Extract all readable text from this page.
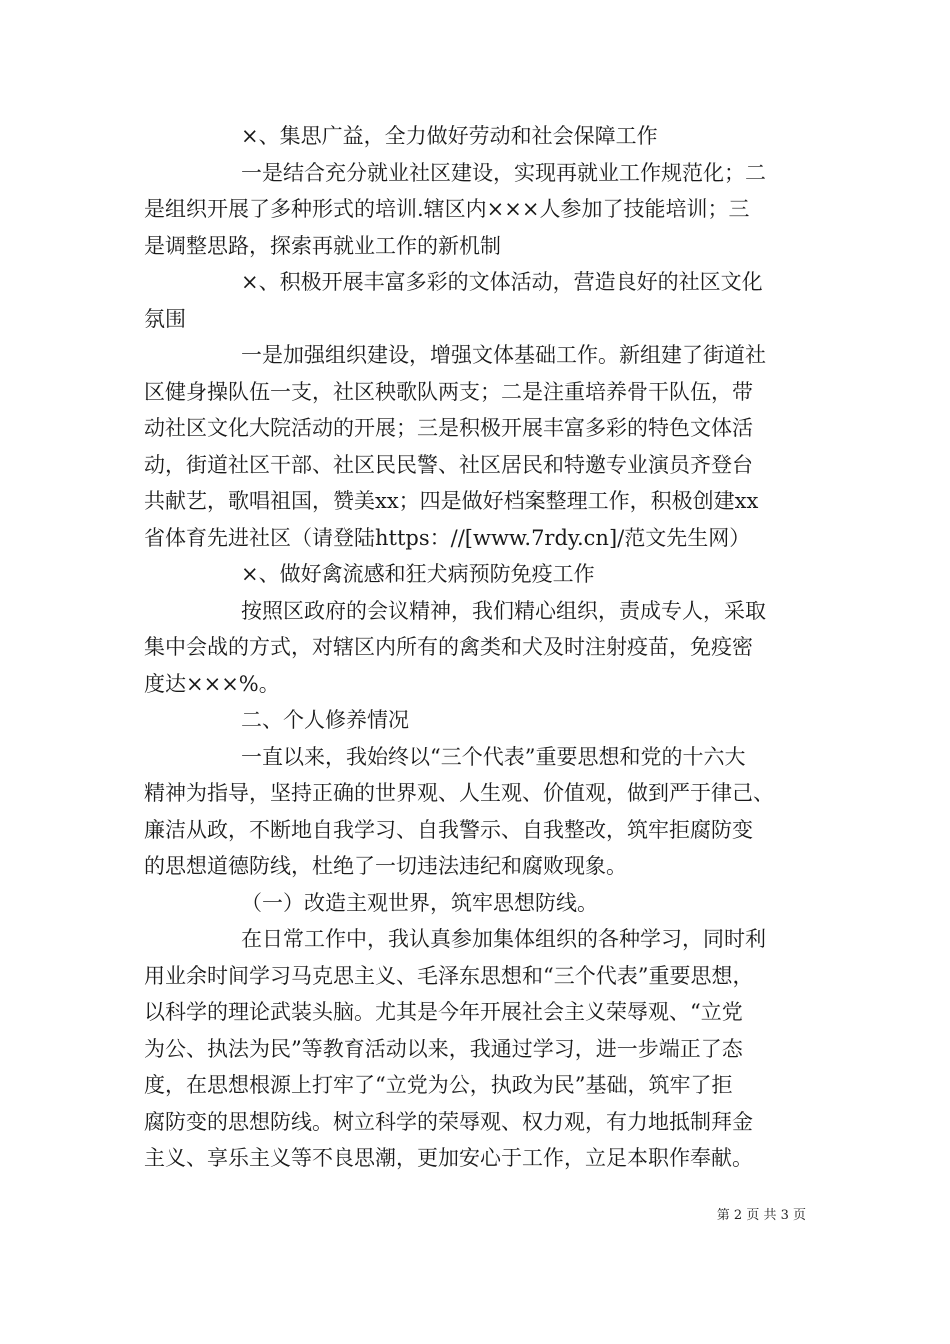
×、集思广益，全力做好劳动和社会保障工作

一是结合充分就业社区建设，实现再就业工作规范化；二

是组织开展了多种形式的培训.辖区内×××人参加了技能培训；三

是调整思路，探索再就业工作的新机制

×、积极开展丰富多彩的文体活动，营造良好的社区文化

氛围

一是加强组织建设，增强文体基础工作。新组建了街道社

区健身操队伍一支，社区秧歌队两支；二是注重培养骨干队伍，带

动社区文化大院活动的开展；三是积极开展丰富多彩的特色文体活

动，街道社区干部、社区民民警、社区居民和特邀专业演员齐登台

共献艺，歌唱祖国，赞美xx；四是做好档案整理工作，积极创建xx

省体育先进社区（请登陆https：//[www.7rdy.cn]/范文先生网）

×、做好禽流感和狂犬病预防免疫工作

按照区政府的会议精神，我们精心组织，责成专人，采取

集中会战的方式，对辖区内所有的禽类和犬及时注射疫苗，免疫密

度达×××%。

二、个人修养情况

一直以来，我始终以“三个代表”重要思想和党的十六大

精神为指导，坚持正确的世界观、人生观、价值观，做到严于律己、

廉洁从政，不断地自我学习、自我警示、自我整改，筑牢拒腐防变

的思想道德防线，杜绝了一切违法违纪和腐败现象。

（一）改造主观世界，筑牢思想防线。

在日常工作中，我认真参加集体组织的各种学习，同时利

用业余时间学习马克思主义、毛泽东思想和“三个代表”重要思想，

以科学的理论武装头脑。尤其是今年开展社会主义荣辱观、“立党

为公、执法为民”等教育活动以来，我通过学习，进一步端正了态

度，在思想根源上打牢了“立党为公，执政为民”基础，筑牢了拒

腐防变的思想防线。树立科学的荣辱观、权力观，有力地抵制拜金

主义、享乐主义等不良思潮，更加安心于工作，立足本职作奉献。

第 2 页 共 3 页
